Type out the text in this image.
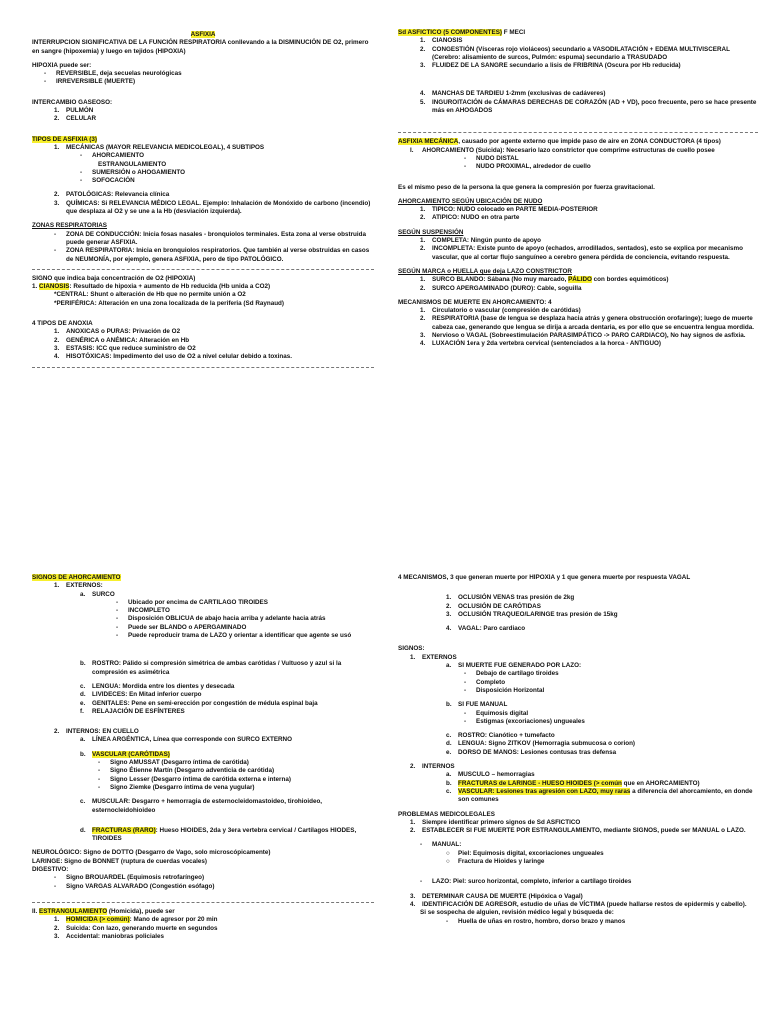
ASFIXIA
INTERRUPCION SIGNIFICATIVA DE LA FUNCIÓN RESPIRATORIA conllevando a la DISMINUCIÓN DE O2, primero en sangre (hipoxemia) y luego en tejidos (HIPOXIA)
HIPOXIA puede ser:
-	REVERSIBLE, deja secuelas neurológicas
-	IRREVERSIBLE (MUERTE)
INTERCAMBIO GASEOSO:
1.	PULMÓN
2.	CELULAR
TIPOS DE ASFIXIA (3)
1.	MECÁNICAS (MAYOR RELEVANCIA MEDICOLEGAL), 4 SUBTIPOS
-	AHORCAMIENTO
ESTRANGULAMIENTO
-	SUMERSIÓN o AHOGAMIENTO
-	SOFOCACIÓN
2.	PATOLÓGICAS: Relevancia clínica
3.	QUÍMICAS: Si RELEVANCIA MÉDICO LEGAL. Ejemplo: Inhalación de Monóxido de carbono (incendio) que desplaza al O2 y se une a la Hb (desviación izquierda).
ZONAS RESPIRATORIAS
-	ZONA DE CONDUCCIÓN: Inicia fosas nasales - bronquiolos terminales. Esta zona al verse obstruida puede generar ASFIXIA.
-	ZONA RESPIRATORIA: Inicia en bronquiolos respiratorios. Que también al verse obstruidas en casos de NEUMONÍA, por ejemplo, genera ASFIXIA, pero de tipo PATOLÓGICO.
SIGNO que indica baja concentración de O2 (HIPOXIA)
1. CIANOSIS: Resultado de hipoxia + aumento de Hb reducida (Hb unida a CO2)
*CENTRAL: Shunt o alteración de Hb que no permite unión a O2
*PERIFÉRICA: Alteración en una zona localizada de la periferia (Sd Raynaud)
4 TIPOS DE ANOXIA
1.	ANOXICAS o PURAS: Privación de O2
2.	GENÉRICA o ANÉMICA: Alteración en Hb
3.	ESTASIS: ICC que reduce suministro de O2
4.	HISOTÓXICAS: Impedimento del uso de O2 a nivel celular debido a toxinas.
Sd ASFICTICO (5 COMPONENTES) F MECI
1.	CIANOSIS
2.	CONGESTIÓN (Vísceras rojo violáceos) secundario a VASODILATACIÓN + EDEMA MULTIVISCERAL (Cerebro: alisamiento de surcos, Pulmón: espuma) secundario a TRASUDADO
3.	FLUIDEZ DE LA SANGRE secundario a lisis de FRIBRINA (Oscura por Hb reducida)
4.	MANCHAS DE TARDIEU 1-2mm (exclusivas de cadáveres)
5.	INGUROITACIÓN de CÁMARAS DERECHAS DE CORAZÓN (AD + VD), poco frecuente, pero se hace presente más en AHOGADOS
ASFIXIA MECÁNICA, causado por agente externo que impide paso de aire en ZONA CONDUCTORA (4 tipos)
I.	AHORCAMIENTO (Suicida): Necesario lazo constrictor que comprime estructuras de cuello posee
-	NUDO DISTAL
-	NUDO PROXIMAL, alrededor de cuello
Es el mismo peso de la persona la que genera la compresión por fuerza gravitacional.
AHORCAMIENTO SEGÚN UBICACIÓN DE NUDO
1.	TIPICO: NUDO colocado en PARTE MEDIA-POSTERIOR
2.	ATIPICO: NUDO en otra parte
SEGÚN SUSPENSIÓN
1.	COMPLETA: Ningún punto de apoyo
2.	INCOMPLETA: Existe punto de apoyo (echados, arrodillados, sentados), esto se explica por mecanismo vascular, que al cortar flujo sanguíneo a cerebro genera pérdida de conciencia, evitando respuesta.
SEGÚN MARCA o HUELLA que deja LAZO CONSTRICTOR
1.	SURCO BLANDO: Sábana (No muy marcado, PÁLIDO con bordes equimóticos)
2.	SURCO APERGAMINADO (DURO): Cable, soguilla
MECANISMOS DE MUERTE EN AHORCAMIENTO: 4
1.	Circulatorio o vascular (compresión de carótidas)
2.	RESPIRATORIA (base de lengua se desplaza hacia atrás y genera obstrucción orofaringe); luego de muerte cabeza cae, generando que lengua se dirija a arcada dentaria, es por ello que se encuentra lengua mordida.
3.	Nervioso o VAGAL (Sobreestimulación PARASIMPÁTICO -> PARO CARDIACO), No hay signos de asfixia.
4.	LUXACIÓN 1era y 2da vertebra cervical (sentenciados a la horca - ANTIGUO)
SIGNOS DE AHORCAMIENTO
1.	EXTERNOS:
a.	SURCO
-	Ubicado por encima de CARTILAGO TIROIDES
-	INCOMPLETO
-	Disposición OBLICUA de abajo hacia arriba y adelante hacia atrás
-	Puede ser BLANDO o APERGAMINADO
-	Puede reproducir trama de LAZO y orientar a identificar que agente se usó
b.	ROSTRO: Pálido si compresión simétrica de ambas carótidas / Vultuoso y azul si la compresión es asimétrica
c.	LENGUA: Mordida entre los dientes y desecada
d.	LIVIDECES: En Mitad inferior cuerpo
e.	GENITALES: Pene en semi-erección por congestión de médula espinal baja
f.	RELAJACIÓN DE ESFÍNTERES
2.	INTERNOS: EN CUELLO
a.	LÍNEA ARGÉNTICA, Línea que corresponde con SURCO EXTERNO
b.	VASCULAR (CARÓTIDAS)
-	Signo AMUSSAT (Desgarro íntima de carótida)
-	Signo Étienne Martín (Desgarro adventicia de carótida)
-	Signo Lesser (Desgarro íntima de carótida externa e interna)
-	Signo Ziemke (Desgarro íntima de vena yugular)
c.	MUSCULAR: Desgarro + hemorragia de esternocleidomastoideo, tirohioideo, esternocleidohioideo
d.	FRACTURAS (RARO): Hueso HIOIDES, 2da y 3era vertebra cervical / Cartílagos HIODES, TIROIDES
NEUROLÓGICO: Signo de DOTTO (Desgarro de Vago, solo microscópicamente)
LARINGE: Signo de BONNET (ruptura de cuerdas vocales)
DIGESTIVO:
-	Signo BROUARDEL (Equimosis retrofaríngeo)
-	Signo VARGAS ALVARADO (Congestión esófago)
II. ESTRANGULAMIENTO (Homicida), puede ser
1.	HOMICIDA (> común): Mano de agresor por 20 min
2.	Suicida: Con lazo, generando muerte en segundos
3.	Accidental: maniobras policiales
4 MECANISMOS, 3 que generan muerte por HIPOXIA y 1 que genera muerte por respuesta VAGAL
1.	OCLUSIÓN VENAS tras presión de 2kg
2.	OCLUSIÓN DE CARÓTIDAS
3.	OCLUSIÓN TRAQUEO/LARINGE tras presión de 15kg
4.	VAGAL: Paro cardiaco
SIGNOS:
1.	EXTERNOS
a.	SI MUERTE FUE GENERADO POR LAZO:
-	Debajo de cartílago tiroides
-	Completo
-	Disposición Horizontal
b.	SI FUE MANUAL
-	Equimosis digital
-	Estigmas (excoriaciones) ungueales
c.	ROSTRO: Cianótico + tumefacto
d.	LENGUA: Signo ZITKOV (Hemorragia submucosa o corion)
e.	DORSO DE MANOS: Lesiones contusas tras defensa
2.	INTERNOS
a.	MUSCULO – hemorragias
b.	FRACTURAS de LARINGE - HUESO HIOIDES (> común que en AHORCAMIENTO)
c.	VASCULAR: Lesiones tras agresión con LAZO, muy raras a diferencia del ahorcamiento, en donde son comunes
PROBLEMAS MEDICOLEGALES
1.	Siempre identificar primero signos de Sd ASFICTICO
2.	ESTABLECER SI FUE MUERTE POR ESTRANGULAMIENTO, mediante SIGNOS, puede ser MANUAL o LAZO.
-	MANUAL:
○	Piel: Equimosis digital, excoriaciones ungueales
○	Fractura de Hioides y laringe
-	LAZO: Piel: surco horizontal, completo, inferior a cartílago tiroides
3.	DETERMINAR CAUSA DE MUERTE (Hipóxica o Vagal)
4.	IDENTIFICACIÓN DE AGRESOR, estudio de uñas de VÍCTIMA (puede hallarse restos de epidermis y cabello).
Si se sospecha de alguien, revisión médico legal y búsqueda de:
-	Huella de uñas en rostro, hombro, dorso brazo y manos
